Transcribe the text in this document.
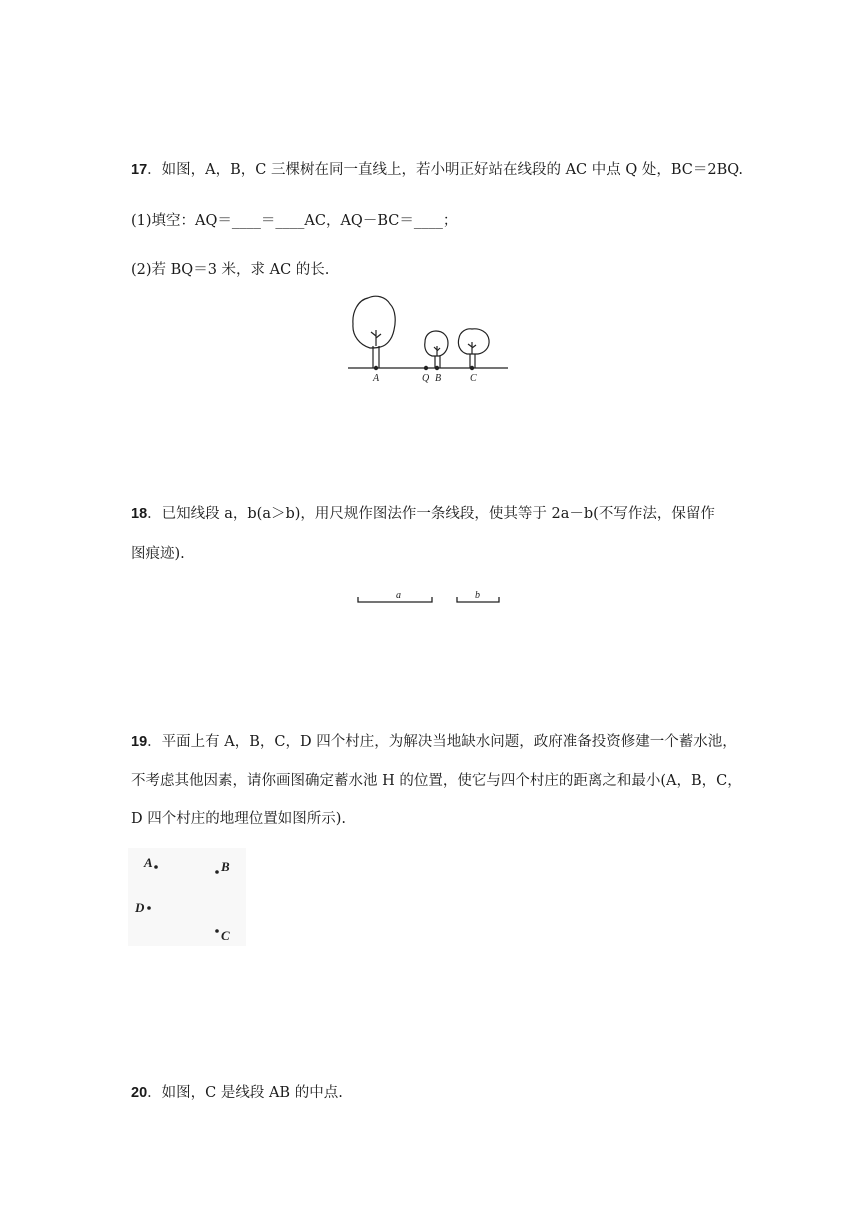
17．如图，A，B，C 三棵树在同一直线上，若小明正好站在线段的 AC 中点 Q 处，BC＝2BQ.
(1)填空：AQ＝____＝____AC，AQ－BC＝____；
(2)若 BQ＝3 米，求 AC 的长.
A	Q B	C
18．已知线段 a，b(a＞b)，用尺规作图法作一条线段，使其等于 2a－b(不写作法，保留作
图痕迹).
a	b
19．平面上有 A，B，C，D 四个村庄，为解决当地缺水问题，政府准备投资修建一个蓄水池，
不考虑其他因素，请你画图确定蓄水池 H 的位置，使它与四个村庄的距离之和最小(A，B，C，
D 四个村庄的地理位置如图所示).
A	B
D
C
20．如图，C 是线段 AB 的中点.
